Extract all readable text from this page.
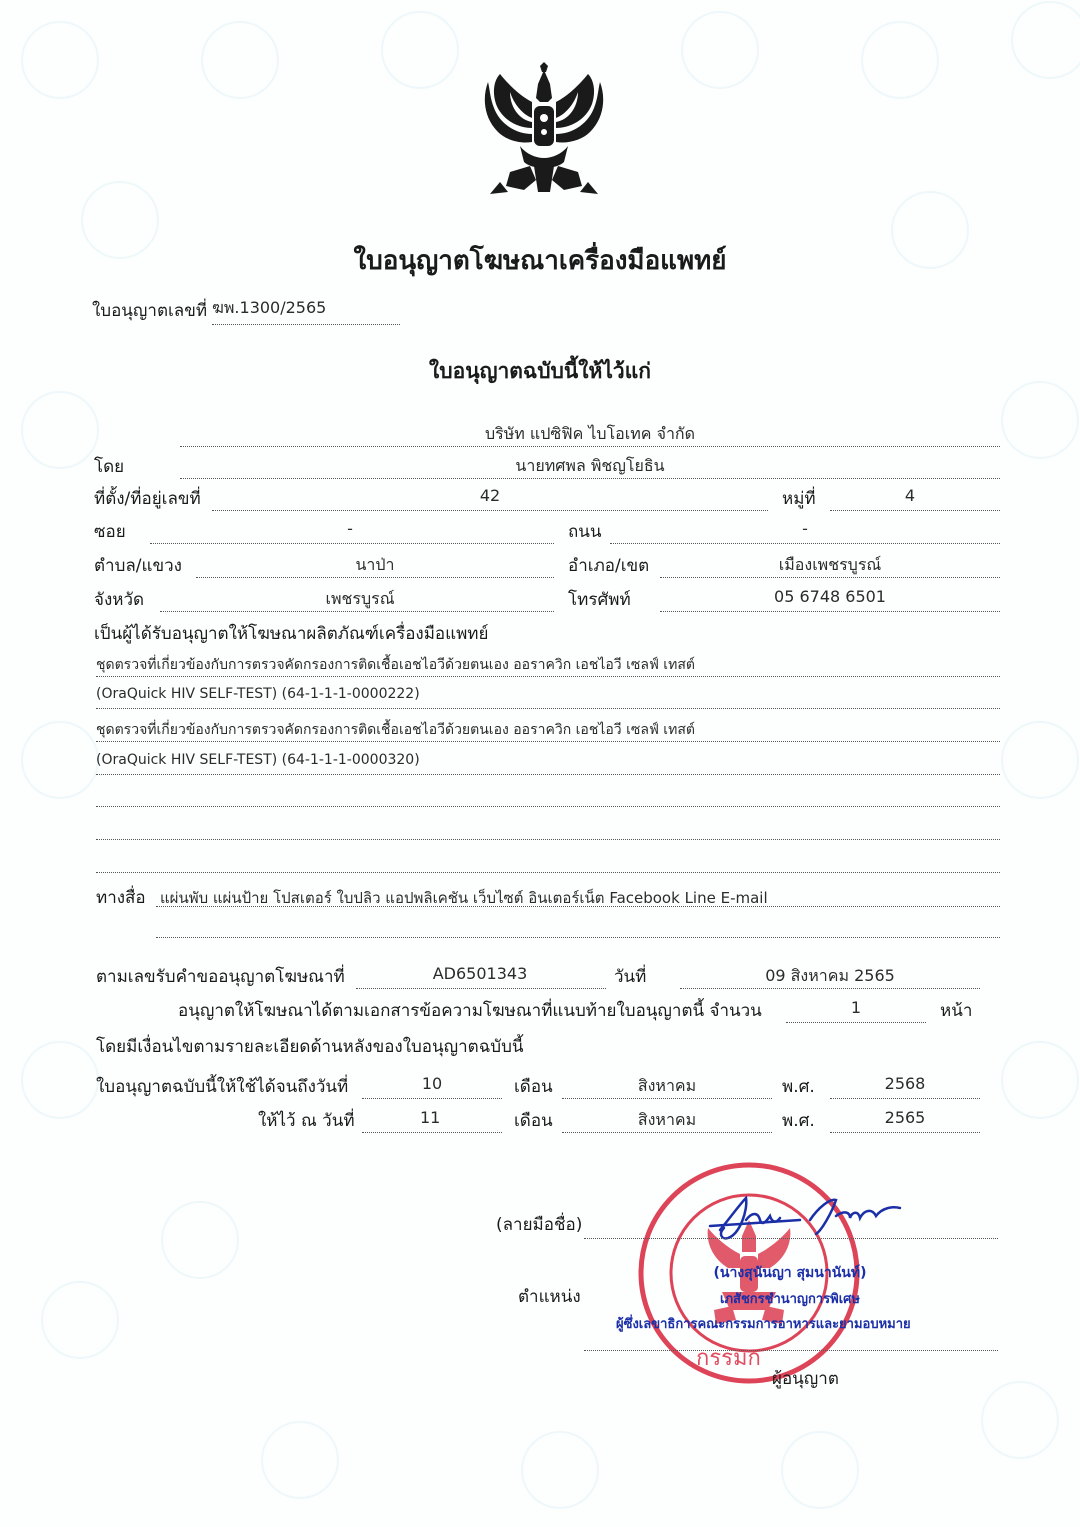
ใบอนุญาตโฆษณาเครื่องมือแพทย์
ใบอนุญาตเลขที่ ฆพ.1300/2565
ใบอนุญาตฉบับนี้ให้ไว้แก่
บริษัท แปซิฟิค ไบโอเทค จำกัด
โดย	นายทศพล พิชญโยธิน
ที่ตั้ง/ที่อยู่เลขที่	42	หมู่ที่	4
ซอย	-	ถนน	-
ตำบล/แขวง	นาป่า	อำเภอ/เขต	เมืองเพชรบูรณ์
จังหวัด	เพชรบูรณ์	โทรศัพท์	05 6748 6501
เป็นผู้ได้รับอนุญาตให้โฆษณาผลิตภัณฑ์เครื่องมือแพทย์
ชุดตรวจที่เกี่ยวข้องกับการตรวจคัดกรองการติดเชื้อเอชไอวีด้วยตนเอง ออราควิก เอชไอวี เซลฟ์ เทสต์
(OraQuick HIV SELF-TEST) (64-1-1-1-0000222)
ชุดตรวจที่เกี่ยวข้องกับการตรวจคัดกรองการติดเชื้อเอชไอวีด้วยตนเอง ออราควิก เอชไอวี เซลฟ์ เทสต์
(OraQuick HIV SELF-TEST) (64-1-1-1-0000320)
ทางสื่อ แผ่นพับ แผ่นป้าย โปสเตอร์ ใบปลิว แอปพลิเคชัน เว็บไซต์ อินเตอร์เน็ต Facebook Line E-mail
ตามเลขรับคำขออนุญาตโฆษณาที่	AD6501343	วันที่	09 สิงหาคม 2565
อนุญาตให้โฆษณาได้ตามเอกสารข้อความโฆษณาที่แนบท้ายใบอนุญาตนี้ จำนวน	1	หน้า
โดยมีเงื่อนไขตามรายละเอียดด้านหลังของใบอนุญาตฉบับนี้
ใบอนุญาตฉบับนี้ให้ใช้ได้จนถึงวันที่	10	เดือน	สิงหาคม	พ.ศ.	2568
ให้ไว้ ณ วันที่	11	เดือน	สิงหาคม	พ.ศ.	2565
กรรมก
(ลายมือชื่อ)
(นางสุนันญา สุมนานันท์)
ตำแหน่ง	เภสัชกรชำนาญการพิเศษ
ผู้ซึ่งเลขาธิการคณะกรรมการอาหารและยามอบหมาย
ผู้อนุญาต
